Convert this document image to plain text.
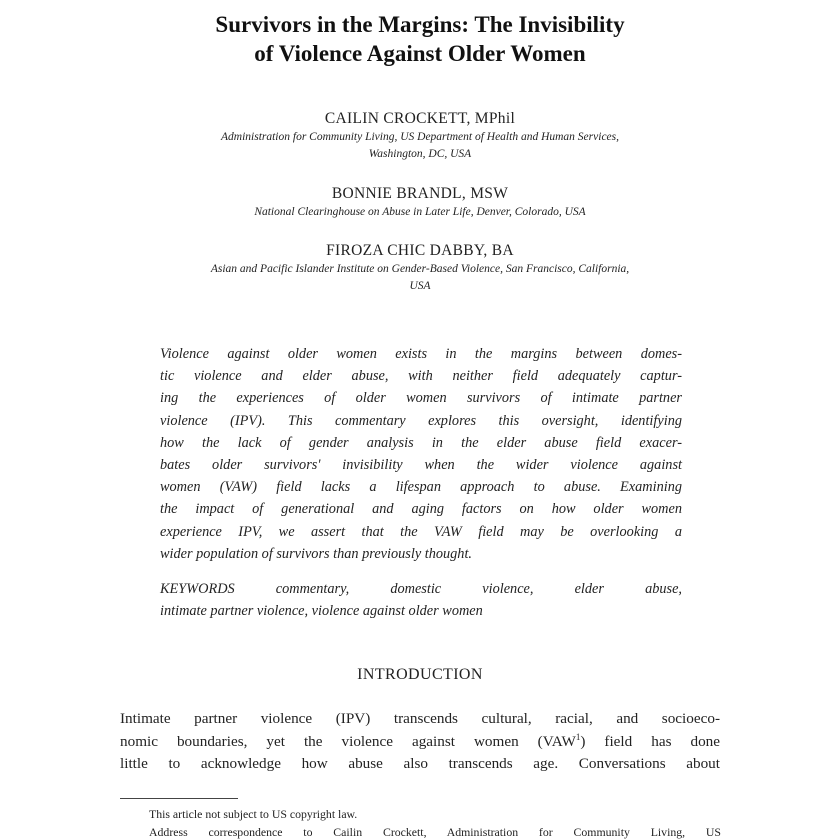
Survivors in the Margins: The Invisibility
of Violence Against Older Women
CAILIN CROCKETT, MPhil
Administration for Community Living, US Department of Health and Human Services,
Washington, DC, USA
BONNIE BRANDL, MSW
National Clearinghouse on Abuse in Later Life, Denver, Colorado, USA
FIROZA CHIC DABBY, BA
Asian and Pacific Islander Institute on Gender-Based Violence, San Francisco, California,
USA
Violence against older women exists in the margins between domes-
tic violence and elder abuse, with neither field adequately captur-
ing the experiences of older women survivors of intimate partner
violence (IPV). This commentary explores this oversight, identifying
how the lack of gender analysis in the elder abuse field exacer-
bates older survivors' invisibility when the wider violence against
women (VAW) field lacks a lifespan approach to abuse. Examining
the impact of generational and aging factors on how older women
experience IPV, we assert that the VAW field may be overlooking a
wider population of survivors than previously thought.
KEYWORDS commentary, domestic violence, elder abuse,
intimate partner violence, violence against older women
INTRODUCTION
Intimate partner violence (IPV) transcends cultural, racial, and socioeco-
nomic boundaries, yet the violence against women (VAW$^1$) field has done
little to acknowledge how abuse also transcends age. Conversations about
This article not subject to US copyright law.
Address correspondence to Cailin Crockett, Administration for Community Living, US
